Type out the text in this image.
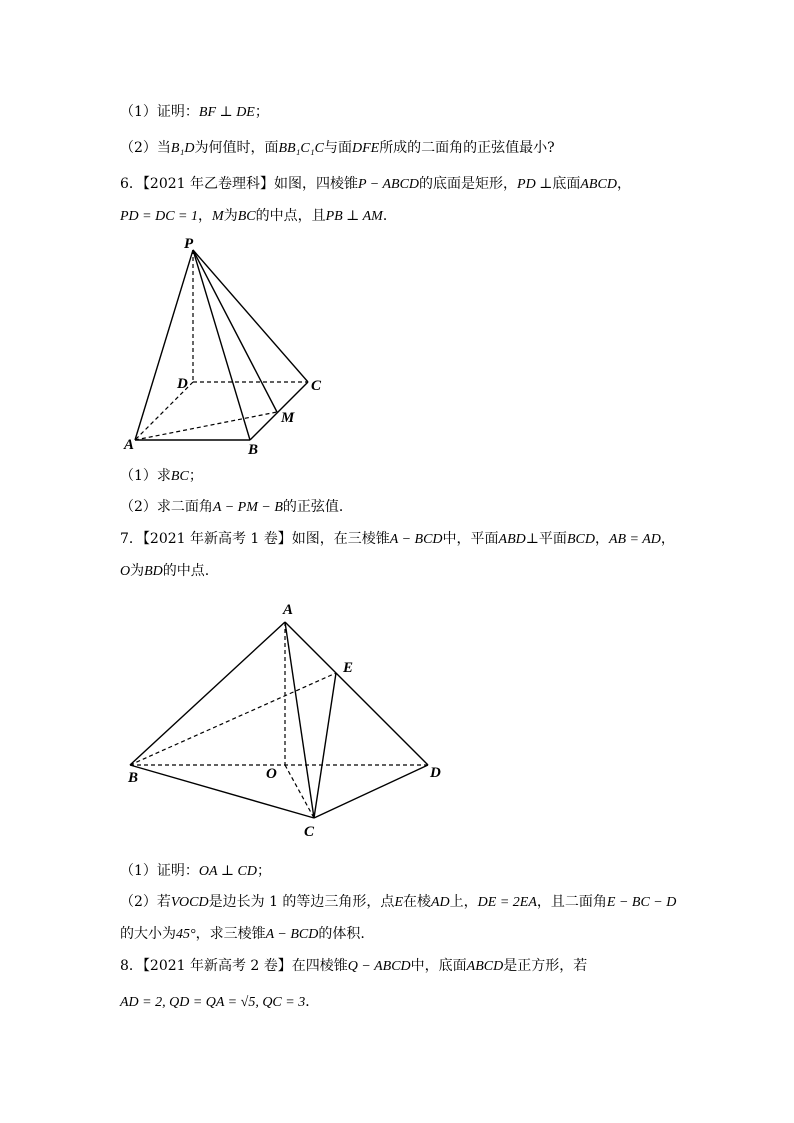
（1）证明：BF ⊥ DE；
（2）当B₁D为何值时，面BB₁C₁C与面DFE所成的二面角的正弦值最小?
6．【2021 年乙卷理科】如图，四棱锥P − ABCD的底面是矩形，PD ⊥底面ABCD，
PD = DC = 1，M为BC的中点，且PB ⊥ AM．
P
D	C
M
A	B
A
E
B	O	D
C
（1）求BC；
（2）求二面角A − PM − B的正弦值．
7．【2021 年新高考 1 卷】如图，在三棱锥A − BCD中，平面ABD⊥平面BCD，AB = AD，
O为BD的中点.
（1）证明：OA ⊥ CD；
（2）若VOCD是边长为 1 的等边三角形，点E在棱AD上，DE = 2EA，且二面角E − BC − D
的大小为45°，求三棱锥A − BCD的体积.
8．【2021 年新高考 2 卷】在四棱锥Q − ABCD中，底面ABCD是正方形，若
AD = 2, QD = QA = √5, QC = 3．
